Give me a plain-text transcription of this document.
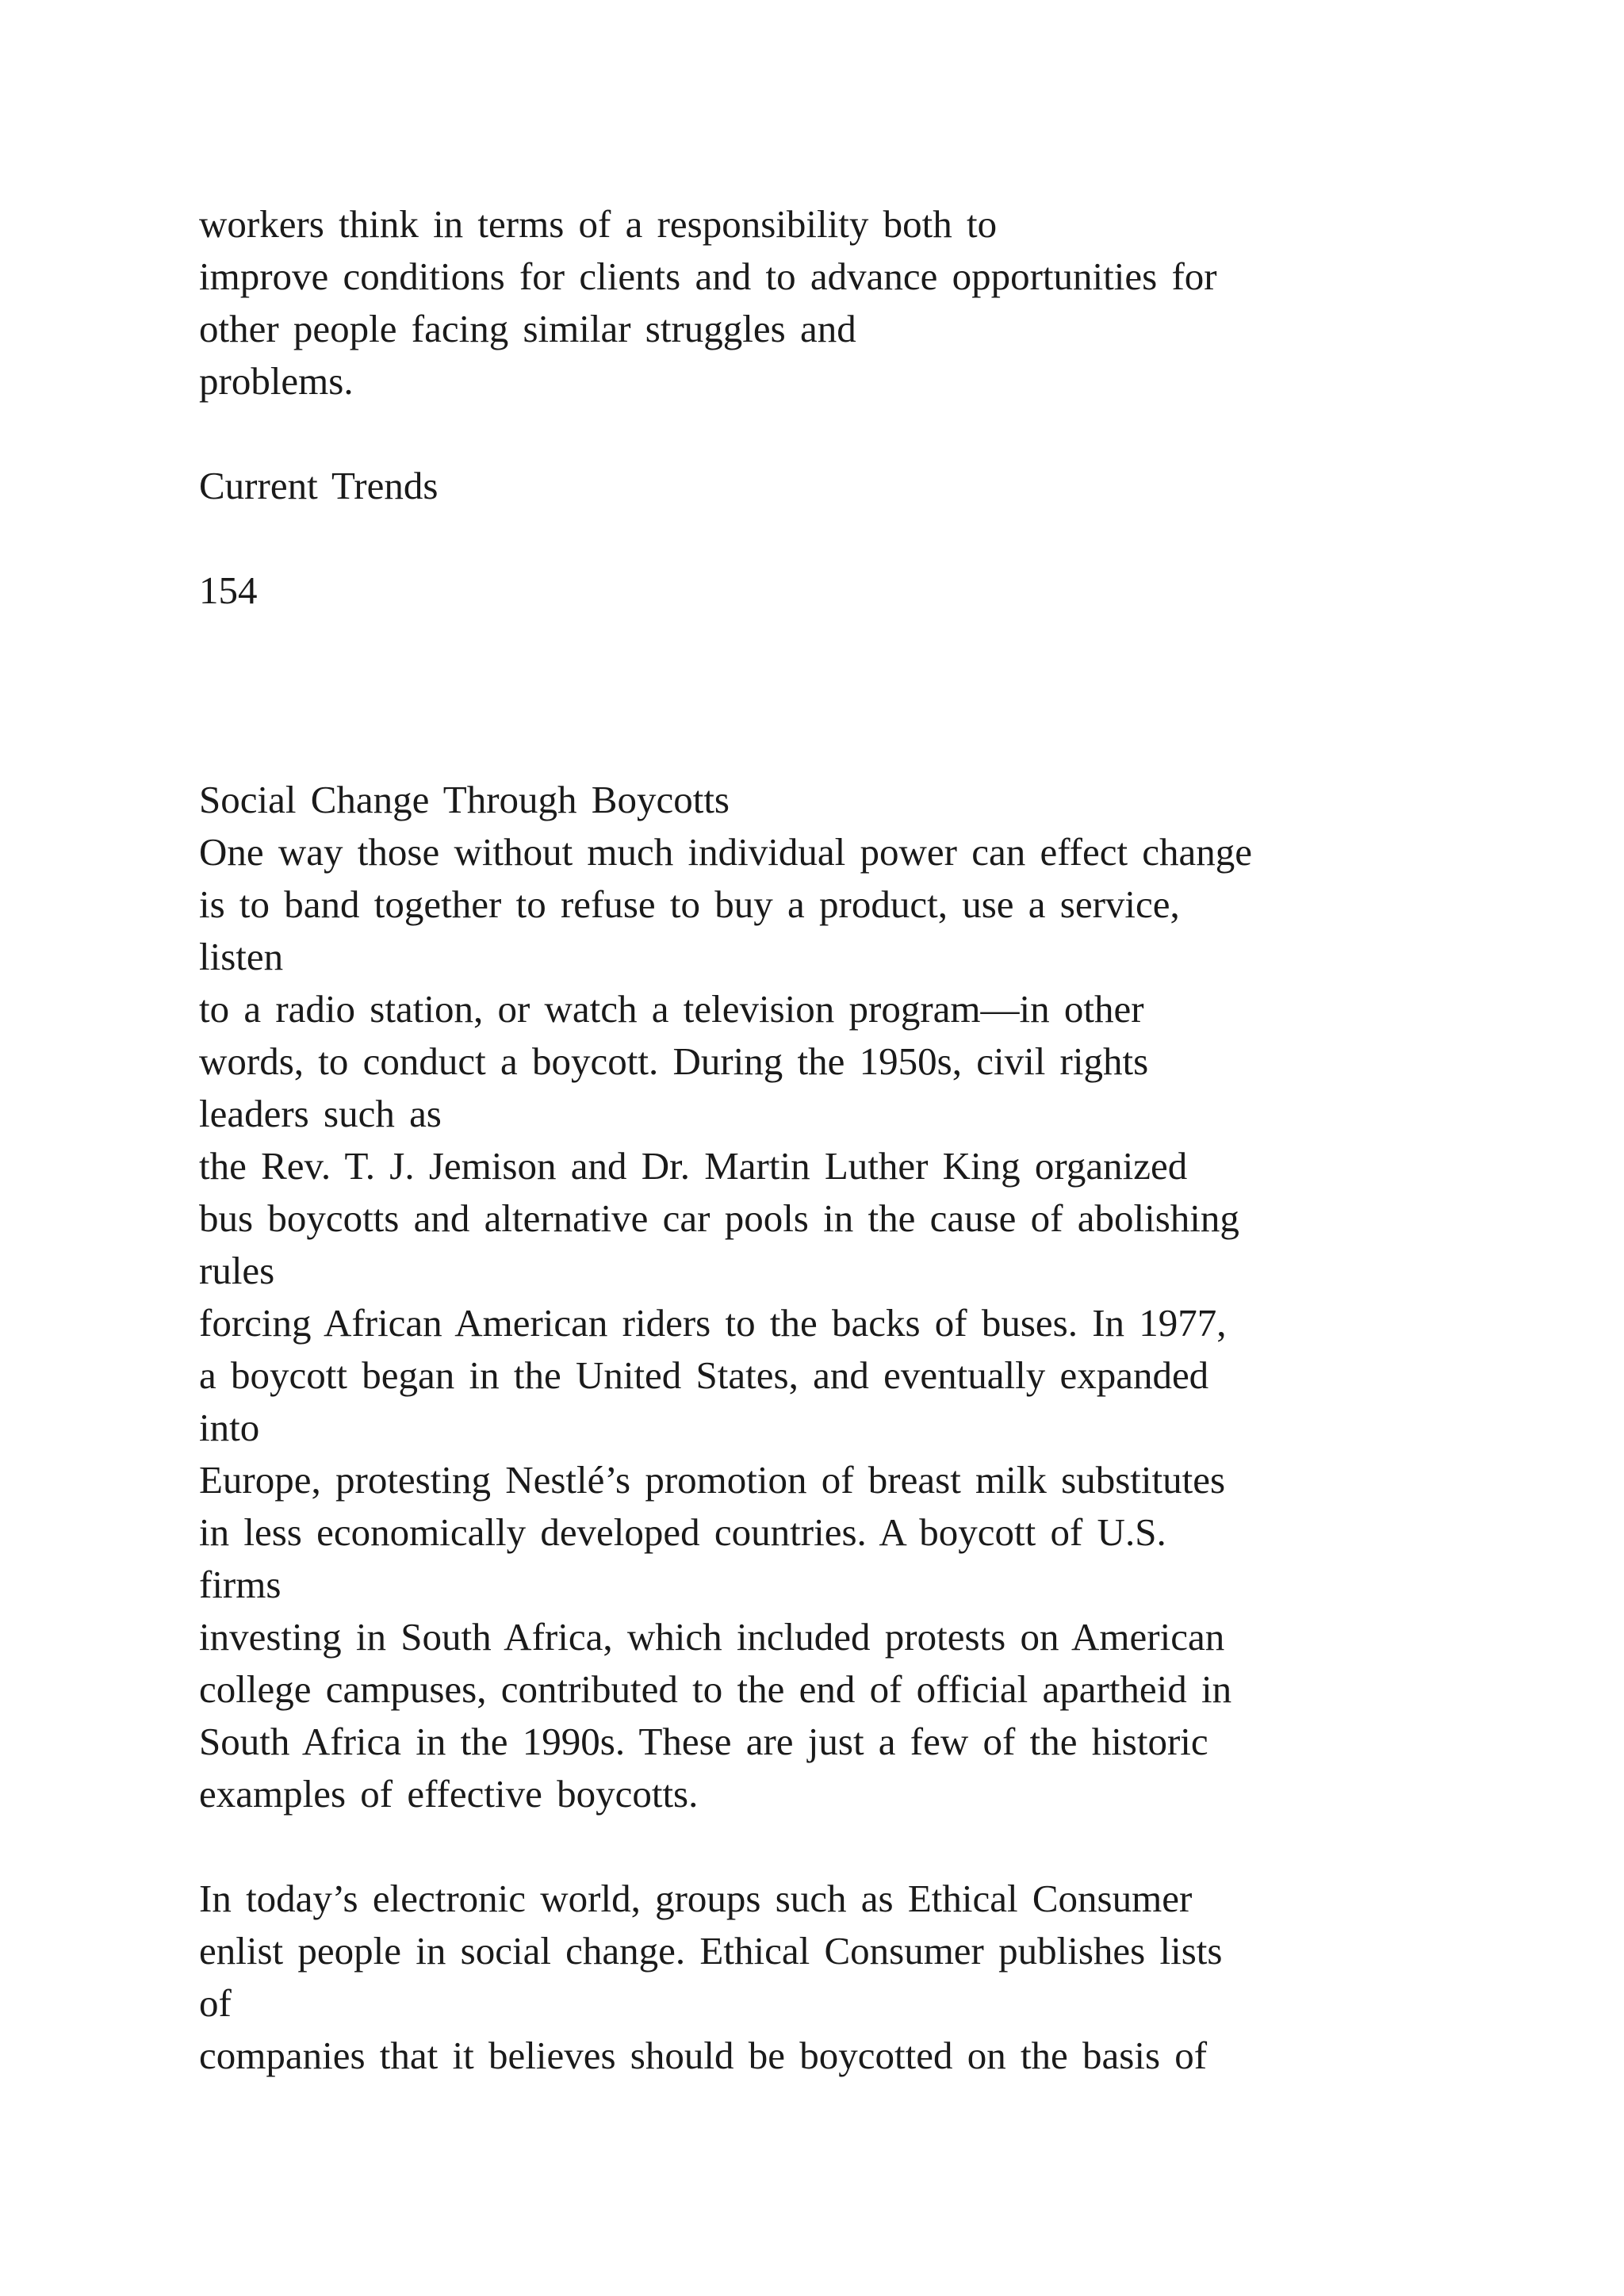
workers think in terms of a responsibility both to

improve conditions for clients and to advance opportunities for

other people facing similar struggles and

problems.

Current Trends

154

Social Change Through Boycotts

One way those without much individual power can effect change

is to band together to refuse to buy a product, use a service,

listen

to a radio station, or watch a television program—in other

words, to conduct a boycott. During the 1950s, civil rights

leaders such as

the Rev. T. J. Jemison and Dr. Martin Luther King organized

bus boycotts and alternative car pools in the cause of abolishing

rules

forcing African American riders to the backs of buses. In 1977,

a boycott began in the United States, and eventually expanded

into

Europe, protesting Nestlé’s promotion of breast milk substitutes

in less economically developed countries. A boycott of U.S.

firms

investing in South Africa, which included protests on American

college campuses, contributed to the end of official apartheid in

South Africa in the 1990s. These are just a few of the historic

examples of effective boycotts.

In today’s electronic world, groups such as Ethical Consumer

enlist people in social change. Ethical Consumer publishes lists

of

companies that it believes should be boycotted on the basis of
